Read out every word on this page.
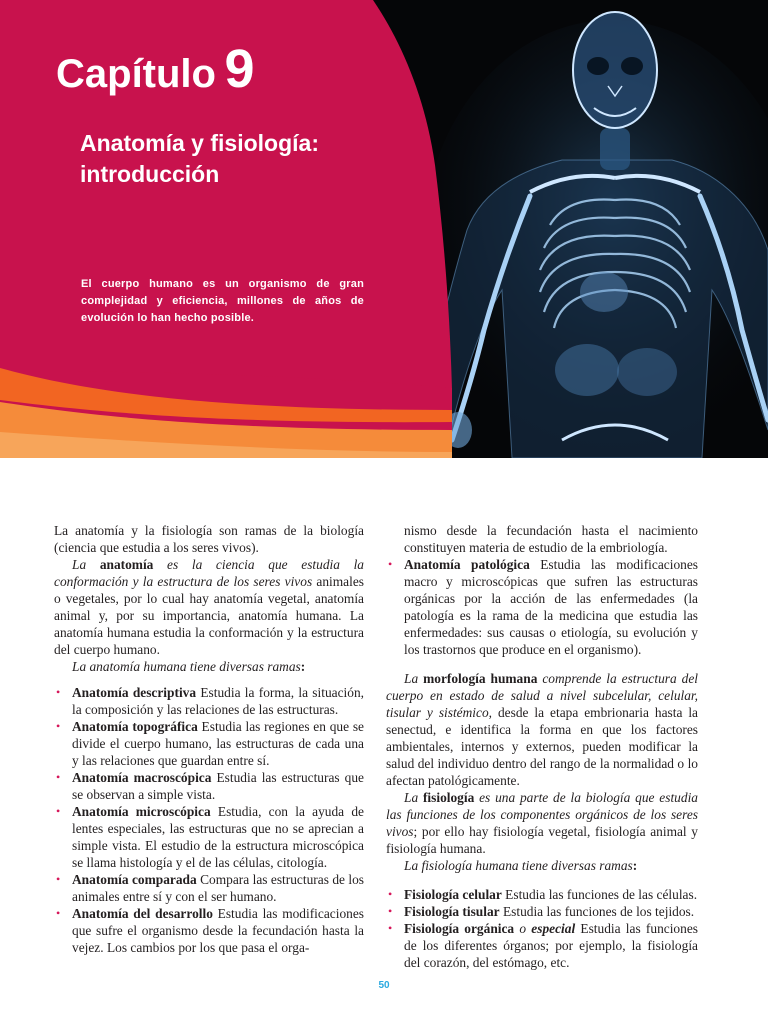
Capítulo 9
Anatomía y fisiología:
introducción
El cuerpo humano es un organismo de gran complejidad y eficiencia, millones de años de evolución lo han hecho posible.

La anatomía y la fisiología son ramas de la biología (ciencia que estudia a los seres vivos).

La anatomía es la ciencia que estudia la conformación y la estructura de los seres vivos animales o vegetales, por lo cual hay anatomía vegetal, anatomía animal y, por su importancia, anatomía humana. La anatomía humana estudia la conformación y la estructura del cuerpo humano.

La anatomía humana tiene diversas ramas:

• Anatomía descriptiva Estudia la forma, la situación, la composición y las relaciones de las estructuras.
• Anatomía topográfica Estudia las regiones en que se divide el cuerpo humano, las estructuras de cada una y las relaciones que guardan entre sí.
• Anatomía macroscópica Estudia las estructuras que se observan a simple vista.
• Anatomía microscópica Estudia, con la ayuda de lentes especiales, las estructuras que no se aprecian a simple vista. El estudio de la estructura microscópica se llama histología y el de las células, citología.
• Anatomía comparada Compara las estructuras de los animales entre sí y con el ser humano.
• Anatomía del desarrollo Estudia las modificaciones que sufre el organismo desde la fecundación hasta la vejez. Los cambios por los que pasa el orga-

nismo desde la fecundación hasta el nacimiento constituyen materia de estudio de la embriología.

• Anatomía patológica Estudia las modificaciones macro y microscópicas que sufren las estructuras orgánicas por la acción de las enfermedades (la patología es la rama de la medicina que estudia las enfermedades: sus causas o etiología, su evolución y los trastornos que produce en el organismo).

La morfología humana comprende la estructura del cuerpo en estado de salud a nivel subcelular, celular, tisular y sistémico, desde la etapa embrionaria hasta la senectud, e identifica la forma en que los factores ambientales, internos y externos, pueden modificar la salud del individuo dentro del rango de la normalidad o lo afectan patológicamente.

La fisiología es una parte de la biología que estudia las funciones de los componentes orgánicos de los seres vivos; por ello hay fisiología vegetal, fisiología animal y fisiología humana.

La fisiología humana tiene diversas ramas:

• Fisiología celular Estudia las funciones de las células.
• Fisiología tisular Estudia las funciones de los tejidos.
• Fisiología orgánica o especial Estudia las funciones de los diferentes órganos; por ejemplo, la fisiología del corazón, del estómago, etc.
50
